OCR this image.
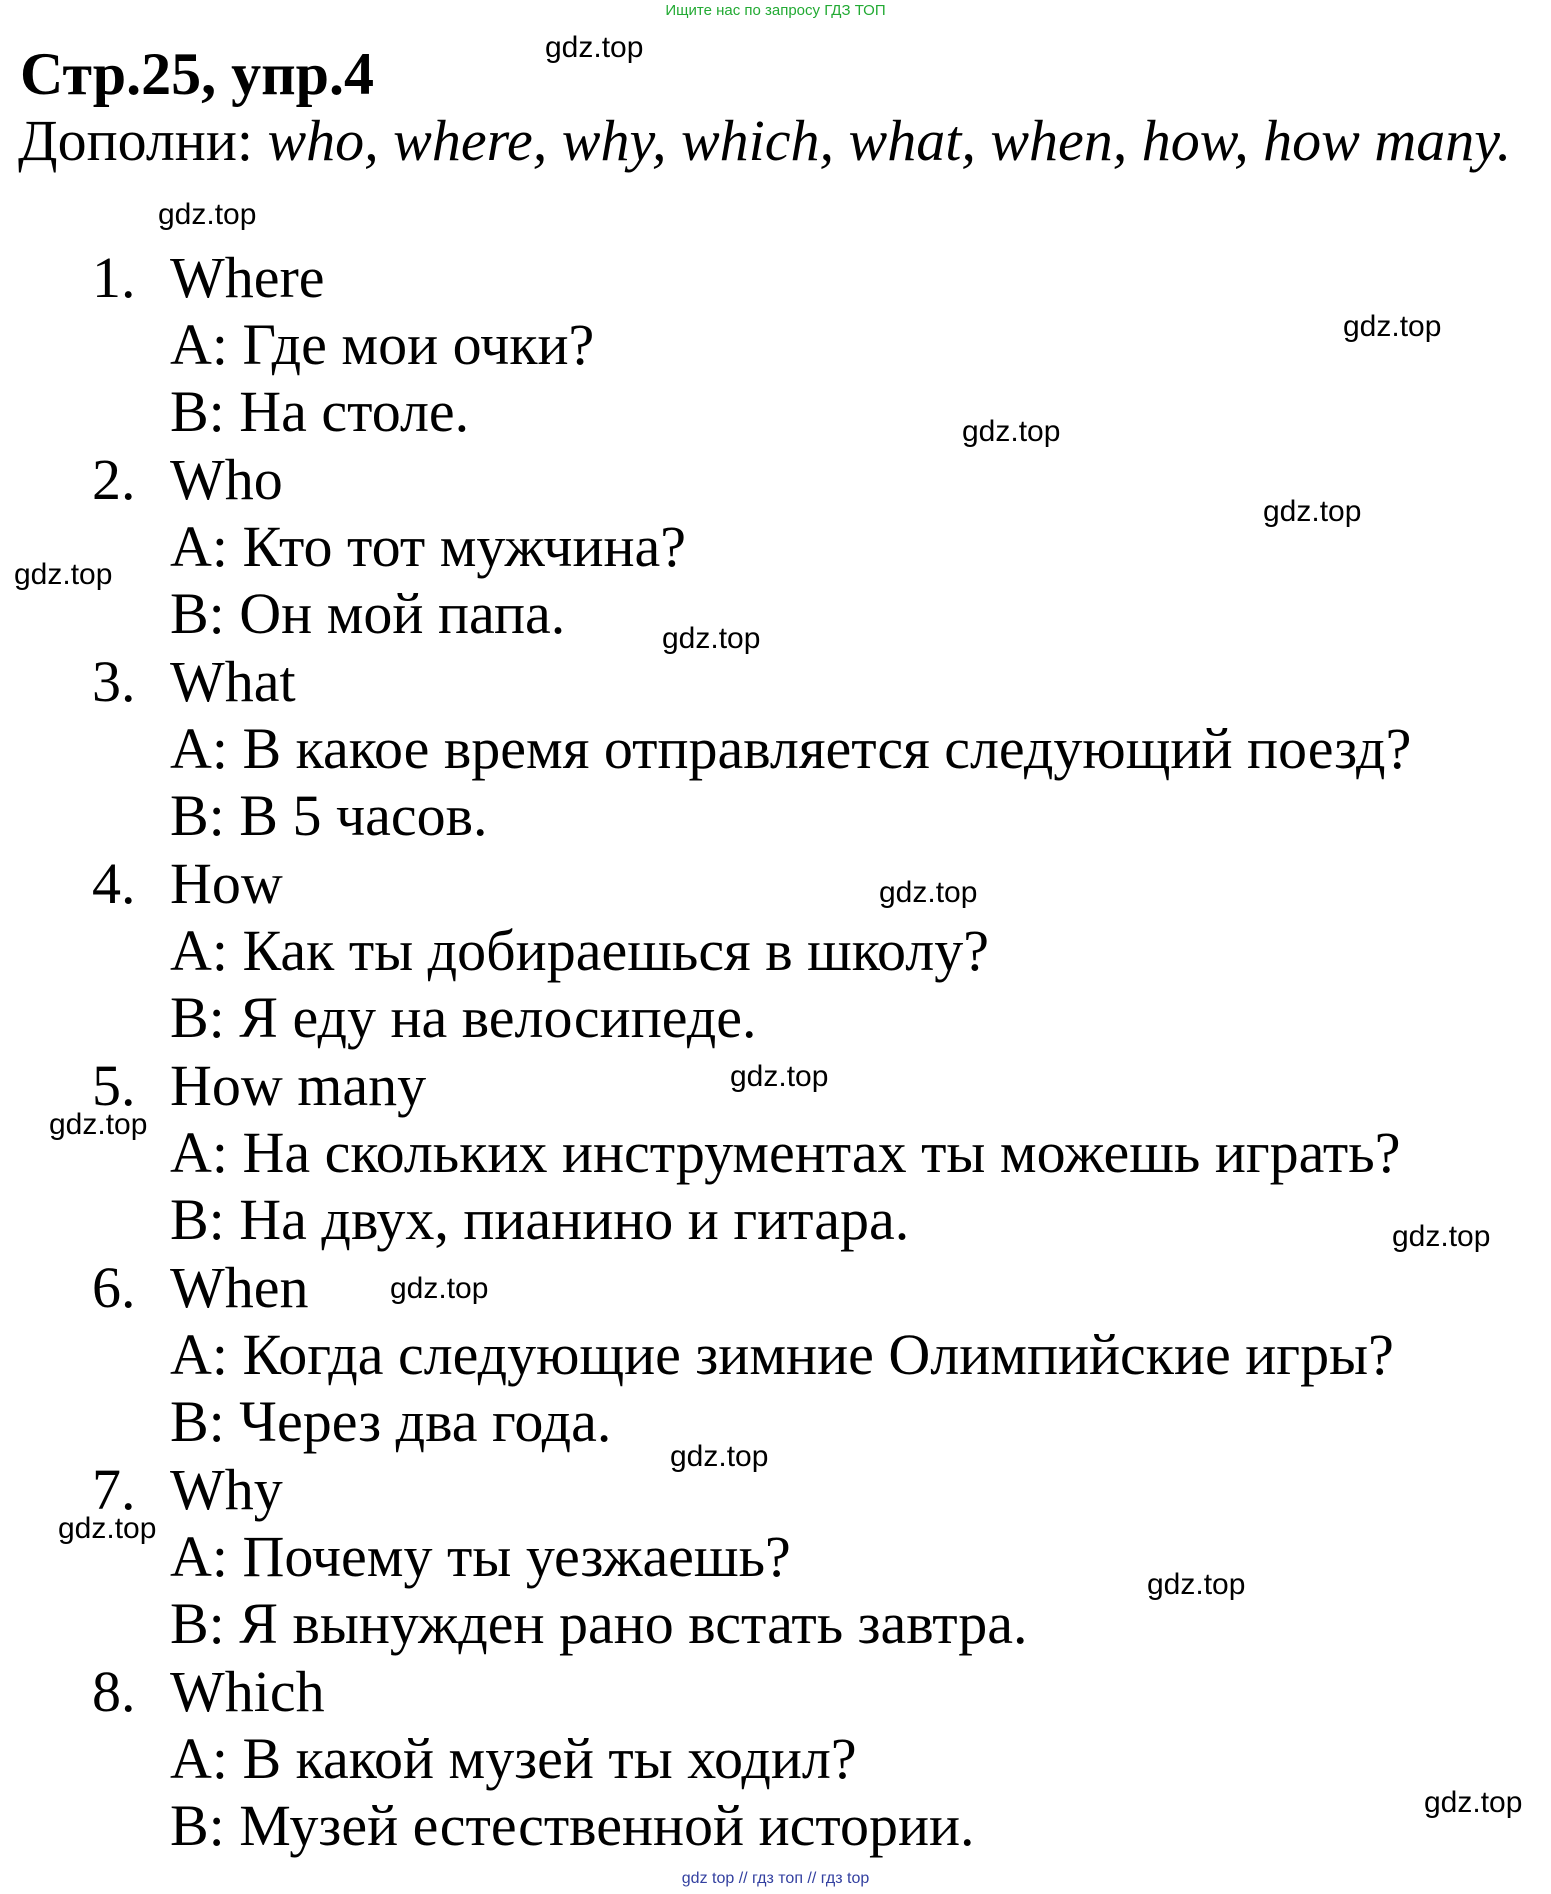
Ищите нас по запросу ГДЗ ТОП
Стр.25, упр.4
Дополни: who, where, why, which, what, when, how, how many.
1. Where
A: Где мои очки?
B: На столе.
2. Who
A: Кто тот мужчина?
B: Он мой папа.
3. What
A: В какое время отправляется следующий поезд?
B: В 5 часов.
4. How
A: Как ты добираешься в школу?
B: Я еду на велосипеде.
5. How many
A: На скольких инструментах ты можешь играть?
B: На двух, пианино и гитара.
6. When
A: Когда следующие зимние Олимпийские игры?
B: Через два года.
7. Why
A: Почему ты уезжаешь?
B: Я вынужден рано встать завтра.
8. Which
A: В какой музей ты ходил?
B: Музей естественной истории.
gdz.top
gdz.top
gdz.top
gdz.top
gdz.top
gdz.top
gdz.top
gdz.top
gdz.top
gdz.top
gdz.top
gdz.top
gdz.top
gdz.top
gdz.top
gdz.top
gdz top // гдз топ // гдз top
